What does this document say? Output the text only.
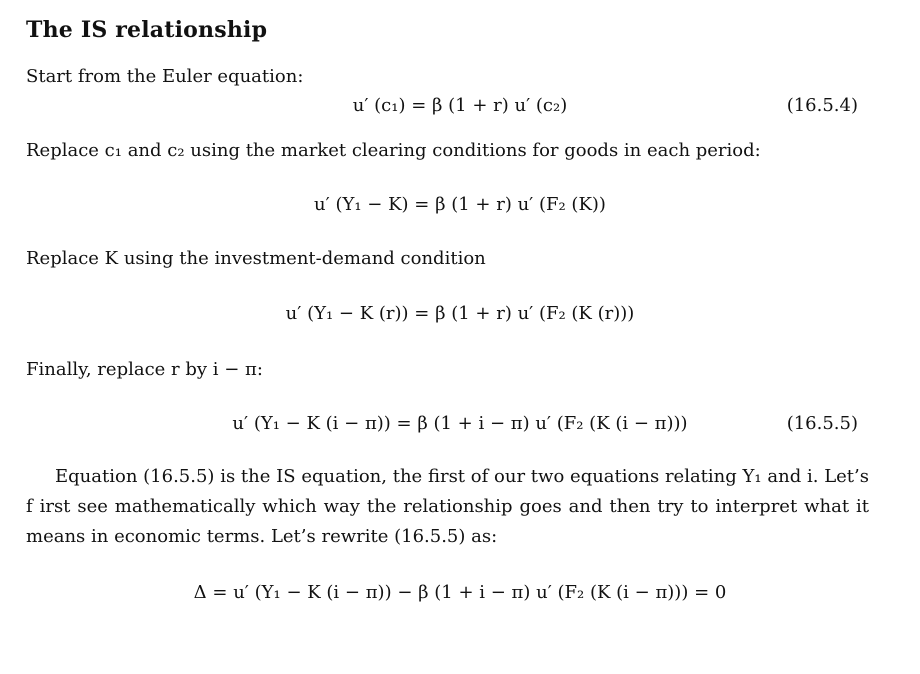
The IS relationship
Start from the Euler equation:
u′ (c₁) = β (1 + r) u′ (c₂)	(16.5.4)
Replace c₁ and c₂ using the market clearing conditions for goods in each period:
u′ (Y₁ − K) = β (1 + r) u′ (F₂ (K))
Replace K using the investment-demand condition
u′ (Y₁ − K (r)) = β (1 + r) u′ (F₂ (K (r)))
Finally, replace r by i − π:
u′ (Y₁ − K (i − π)) = β (1 + i − π) u′ (F₂ (K (i − π)))	(16.5.5)
Equation (16.5.5) is the IS equation, the first of our two equations relating Y₁ and i. Let’s f irst see mathematically which way the relationship goes and then try to interpret what it means in economic terms. Let’s rewrite (16.5.5) as:
Δ = u′ (Y₁ − K (i − π)) − β (1 + i − π) u′ (F₂ (K (i − π))) = 0
